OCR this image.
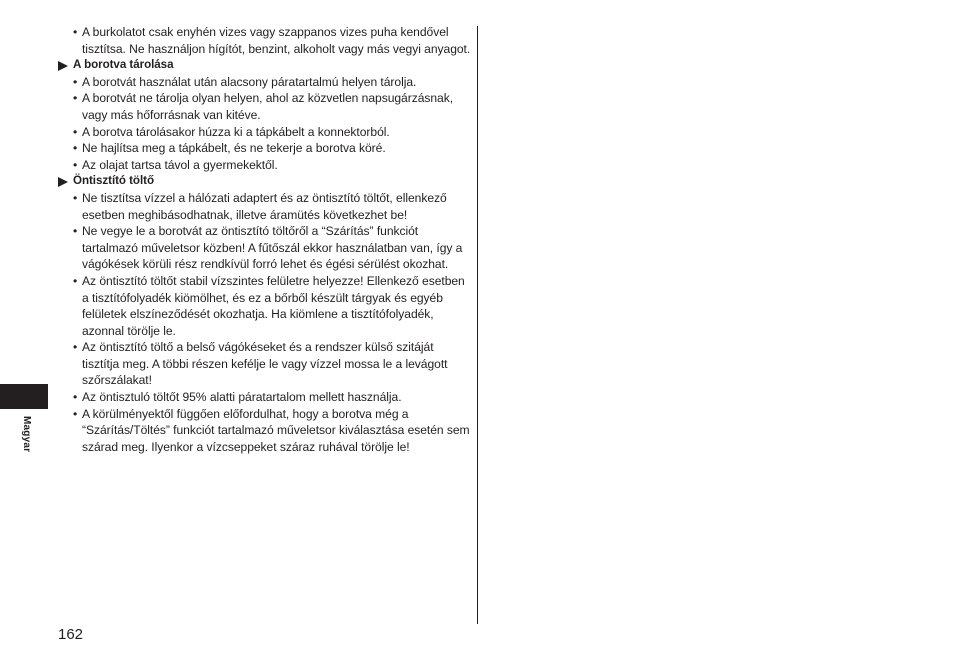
• A burkolatot csak enyhén vizes vagy szappanos vizes puha kendővel tisztítsa. Ne használjon hígítót, benzint, alkoholt vagy más vegyi anyagot.

A borotva tárolása

• A borotvát használat után alacsony páratartalmú helyen tárolja.

• A borotvát ne tárolja olyan helyen, ahol az közvetlen napsugárzásnak, vagy más hőforrásnak van kitéve.

• A borotva tárolásakor húzza ki a tápkábelt a konnektorból.

• Ne hajlítsa meg a tápkábelt, és ne tekerje a borotva köré.

• Az olajat tartsa távol a gyermekektől.

Öntisztító töltő

• Ne tisztítsa vízzel a hálózati adaptert és az öntisztító töltőt, ellenkező esetben meghibásodhatnak, illetve áramütés következhet be!

• Ne vegye le a borotvát az öntisztító töltőről a “Szárítás” funkciót tartalmazó műveletsor közben! A fűtőszál ekkor használatban van, így a vágókések körüli rész rendkívül forró lehet és égési sérülést okozhat.

• Az öntisztító töltőt stabil vízszintes felületre helyezze! Ellenkező esetben a tisztítófolyadék kiömölhet, és ez a bőrből készült tárgyak és egyéb felületek elszíneződését okozhatja. Ha kiömlene a tisztítófolyadék, azonnal törölje le.

• Az öntisztító töltő a belső vágókéseket és a rendszer külső szitáját tisztítja meg. A többi részen kefélje le vagy vízzel mossa le a levágott szőrszálakat!

• Az öntisztuló töltőt 95% alatti páratartalom mellett használja.

• A körülményektől függően előfordulhat, hogy a borotva még a “Szárítás/Töltés” funkciót tartalmazó műveletsor kiválasztása esetén sem szárad meg. Ilyenkor a vízcseppeket száraz ruhával törölje le!

Magyar
162
